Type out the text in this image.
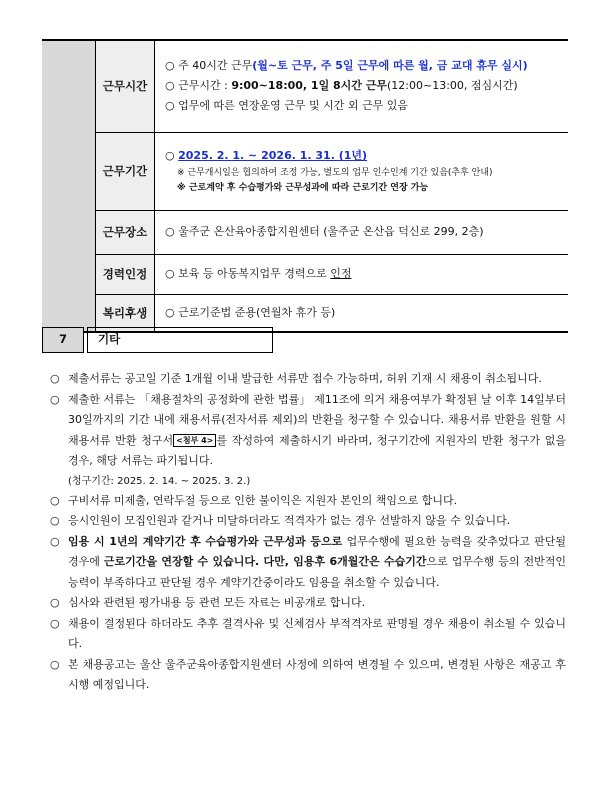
	근무시간	○ 주 40시간 근무(월~토 근무, 주 5일 근무에 따른 월, 금 교대 휴무 실시)
○ 근무시간 : 9:00~18:00, 1일 8시간 근무(12:00~13:00, 점심시간)
○ 업무에 따른 연장운영 근무 및 시간 외 근무 있음

	근무기간	○ 2025. 2. 1. ~ 2026. 1. 31. (1년)
※ 근무개시일은 협의하여 조정 가능, 별도의 업무 인수인계 기간 있음(추후 안내)
※ 근로계약 후 수습평가와 근무성과에 따라 근로기간 연장 가능

	근무장소	○ 울주군 온산육아종합지원센터 (울주군 온산읍 덕신로 299, 2층)

	경력인정	○ 보육 등 아동복지업무 경력으로 인정

	복리후생	○ 근로기준법 준용(연월차 휴가 등)
7	기타
○ 제출서류는 공고일 기준 1개월 이내 발급한 서류만 접수 가능하며, 허위 기재 시 채용이 취소됩니다.
○ 제출한 서류는 「채용절차의 공정화에 관한 법률」 제11조에 의거 채용여부가 확정된 날 이후 14일부터 30일까지의 기간 내에 채용서류(전자서류 제외)의 반환을 청구할 수 있습니다. 채용서류 반환을 원할 시 채용서류 반환 청구서 <첨부 4> 를 작성하여 제출하시기 바라며, 청구기간에 지원자의 반환 청구가 없을 경우, 해당 서류는 파기됩니다.
(청구기간: 2025. 2. 14. ~ 2025. 3. 2.)
○ 구비서류 미제출, 연락두절 등으로 인한 불이익은 지원자 본인의 책임으로 합니다.
○ 응시인원이 모집인원과 같거나 미달하더라도 적격자가 없는 경우 선발하지 않을 수 있습니다.
○ 임용 시 1년의 계약기간 후 수습평가와 근무성과 등으로 업무수행에 필요한 능력을 갖추었다고 판단될 경우에 근로기간을 연장할 수 있습니다. 다만, 임용후 6개월간은 수습기간으로 업무수행 등의 전반적인 능력이 부족하다고 판단될 경우 계약기간중이라도 임용을 취소할 수 있습니다.
○ 심사와 관련된 평가내용 등 관련 모든 자료는 비공개로 합니다.
○ 채용이 결정된다 하더라도 추후 결격사유 및 신체검사 부적격자로 판명될 경우 채용이 취소될 수 있습니다.
○ 본 채용공고는 울산 울주군육아종합지원센터 사정에 의하여 변경될 수 있으며, 변경된 사항은 재공고 후 시행 예정입니다.
